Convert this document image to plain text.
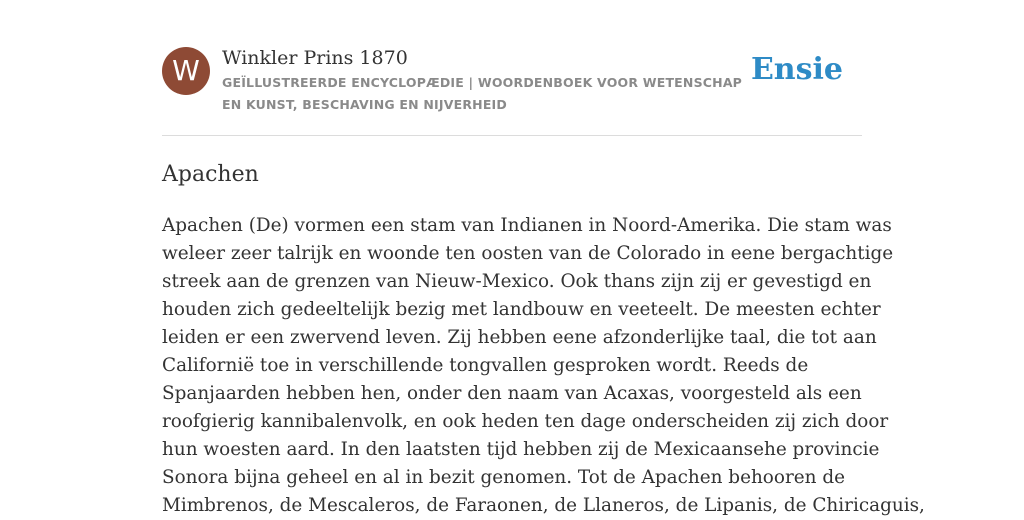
W	Winkler Prins 1870
GEÏLLUSTREERDE ENCYCLOPÆDIE | WOORDENBOEK VOOR WETENSCHAP EN KUNST, BESCHAVING EN NIJVERHEID
Ensie
Apachen

Apachen (De) vormen een stam van Indianen in Noord-Amerika. Die stam was
weleer zeer talrijk en woonde ten oosten van de Colorado in eene bergachtige
streek aan de grenzen van Nieuw-Mexico. Ook thans zijn zij er gevestigd en
houden zich gedeeltelijk bezig met landbouw en veeteelt. De meesten echter
leiden er een zwervend leven. Zij hebben eene afzonderlijke taal, die tot aan
Californië toe in verschillende tongvallen gesproken wordt. Reeds de
Spanjaarden hebben hen, onder den naam van Acaxas, voorgesteld als een
roofgierig kannibalenvolk, en ook heden ten dage onderscheiden zij zich door
hun woesten aard. In den laatsten tijd hebben zij de Mexicaansehe provincie
Sonora bijna geheel en al in bezit genomen. Tot de Apachen behooren de
Mimbrenos, de Mescaleros, de Faraonen, de Llaneros, de Lipanis, de Chiricaguis,
